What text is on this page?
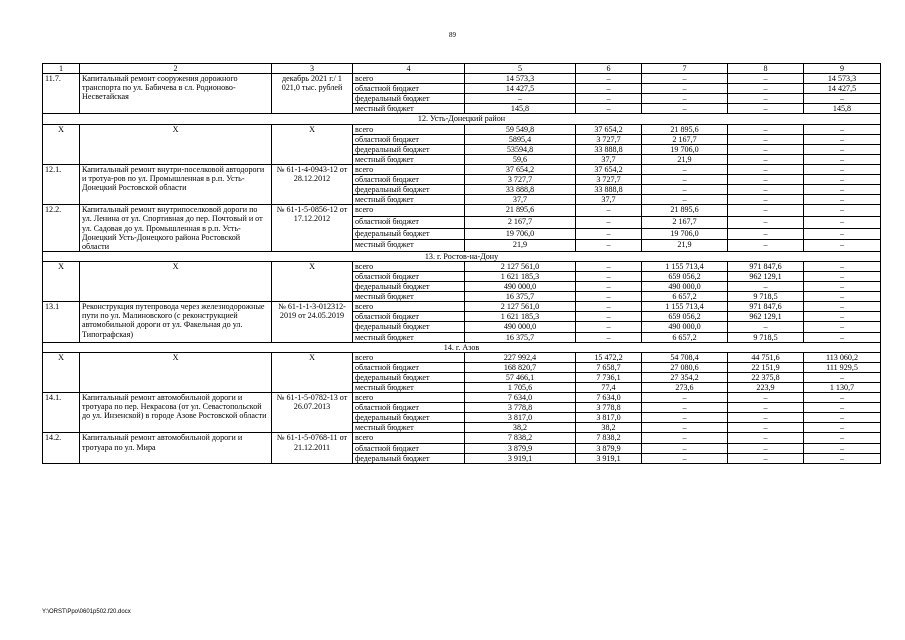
89
1	2	3	4	5	6	7	8	9
11.7.	Капитальный ремонт сооружения дорожного транспорта по ул. Бабичева в сл. Родионово-Несветайская	декабрь 2021 г./ 1 021,0 тыс. рублей	всего	14 573,3	–	–	–	14 573,3
			областной бюджет	14 427,5	–	–	–	14 427,5
			федеральный бюджет	–	–	–	–	–
			местный бюджет	145,8	–	–	–	145,8
12. Усть-Донецкий район								
X	X	X	всего	59 549,8	37 654,2	21 895,6	–	–
			областной бюджет	5895,4	3 727,7	2 167,7	–	–
			федеральный бюджет	53594,8	33 888,8	19 706,0	–	–
			местный бюджет	59,6	37,7	21,9	–	–
12.1.	Капитальный ремонт внутри-поселковой автодороги и тротуа-ров по ул. Промышленная в р.п. Усть-Донецкий Ростовской области	№ 61-1-4-0943-12 от 28.12.2012	всего	37 654,2	37 654,2	–	–	–
			областной бюджет	3 727,7	3 727,7	–	–	–
			федеральный бюджет	33 888,8	33 888,8	–	–	–
			местный бюджет	37,7	37,7	–	–	–
12.2.	Капитальный ремонт внутрипоселковой дороги по ул. Ленина от ул. Спортивная до пер. Почтовый и от ул. Садовая до ул. Промышленная в р.п. Усть-Донецкий Усть-Донецкого района Ростовской области	№ 61-1-5-0856-12 от 17.12.2012	всего	21 895,6	–	21 895,6	–	–
			областной бюджет	2 167,7	–	2 167,7	–	–
			федеральный бюджет	19 706,0	–	19 706,0	–	–
			местный бюджет	21,9	–	21,9	–	–
13. г. Ростов-на-Дону								
X	X	X	всего	2 127 561,0	–	1 155 713,4	971 847,6	–
			областной бюджет	1 621 185,3	–	659 056,2	962 129,1	–
			федеральный бюджет	490 000,0	–	490 000,0	–	–
			местный бюджет	16 375,7	–	6 657,2	9 718,5	–
13.1	Реконструкция путепровода через железнодорожные пути по ул. Малиновского (с реконструкцией автомобильной дороги от ул. Факельная до ул. Типографская)	№ 61-1-1-3-012312-2019 от 24.05.2019	всего	2 127 561,0	–	1 155 713,4	971 847,6	–
			областной бюджет	1 621 185,3	–	659 056,2	962 129,1	–
			федеральный бюджет	490 000,0	–	490 000,0	–	–
			местный бюджет	16 375,7	–	6 657,2	9 718,5	–
14. г. Азов								
X	X	X	всего	227 992,4	15 472,2	54 708,4	44 751,6	113 060,2
			областной бюджет	168 820,7	7 658,7	27 080,6	22 151,9	111 929,5
			федеральный бюджет	57 466,1	7 736,1	27 354,2	22 375,8	–
			местный бюджет	1 705,6	77,4	273,6	223,9	1 130,7
14.1.	Капитальный ремонт автомобильной дороги и тротуара по пер. Некрасова (от ул. Севастопольской до ул. Инзенской) в городе Азове Ростовской области	№ 61-1-5-0782-13 от 26.07.2013	всего	7 634,0	7 634,0	–	–	–
			областной бюджет	3 778,8	3 778,8	–	–	–
			федеральный бюджет	3 817,0	3 817,0	–	–	–
			местный бюджет	38,2	38,2	–	–	–
14.2.	Капитальный ремонт автомобильной дороги и тротуара по ул. Мира	№ 61-1-5-0768-11 от 21.12.2011	всего	7 838,2	7 838,2	–	–	–
			областной бюджет	3 879,9	3 879,9	–	–	–
			федеральный бюджет	3 919,1	3 919,1	–	–	–
Y:\ORST\Ppo\0601p502.f20.docx
